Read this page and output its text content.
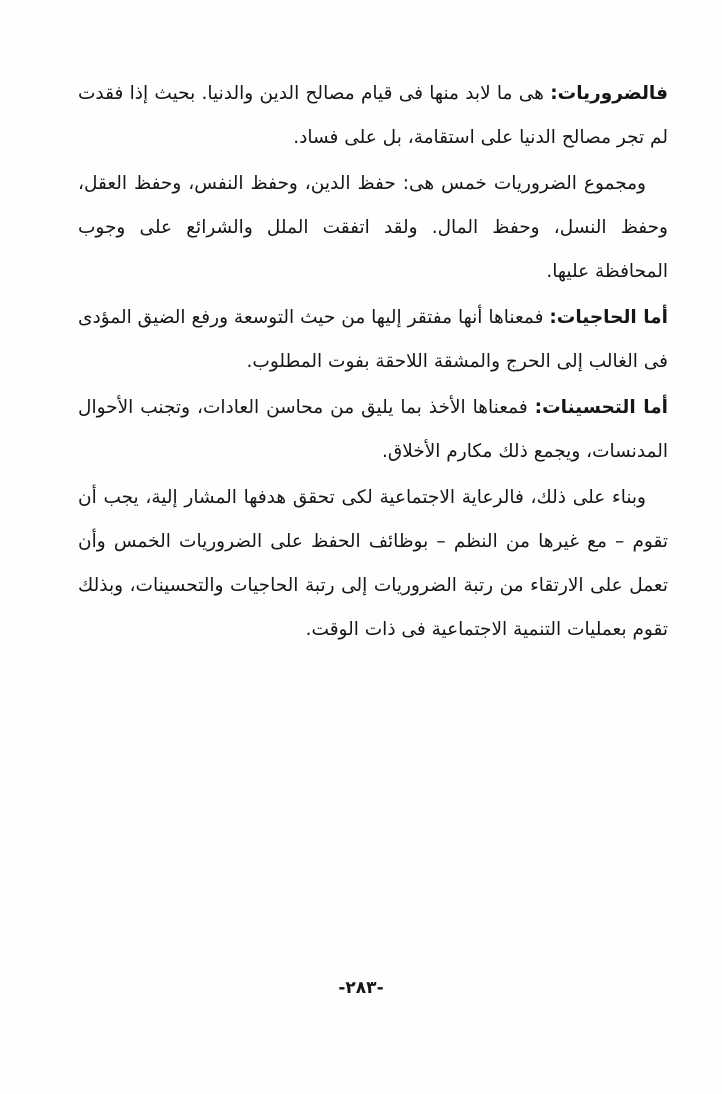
فالضروريات: هى ما لابد منها فى قيام مصالح الدين والدنيا. بحيث إذا فقدت لم تجر مصالح الدنيا على استقامة، بل على فساد.

ومجموع الضروريات خمس هى: حفظ الدين، وحفظ النفس، وحفظ العقل، وحفظ النسل، وحفظ المال. ولقد اتفقت الملل والشرائع على وجوب المحافظة عليها.

أما الحاجيات: فمعناها أنها مفتقر إليها من حيث التوسعة ورفع الضيق المؤدى فى الغالب إلى الحرج والمشقة اللاحقة بفوت المطلوب.

أما التحسينات: فمعناها الأخذ بما يليق من محاسن العادات، وتجنب الأحوال المدنسات، ويجمع ذلك مكارم الأخلاق.

وبناء على ذلك، فالرعاية الاجتماعية لكى تحقق هدفها المشار إلية، يجب أن تقوم – مع غيرها من النظم – بوظائف الحفظ على الضروريات الخمس وأن تعمل على الارتقاء من رتبة الضروريات إلى رتبة الحاجيات والتحسينات، وبذلك تقوم بعمليات التنمية الاجتماعية فى ذات الوقت.

-٢٨٣-
